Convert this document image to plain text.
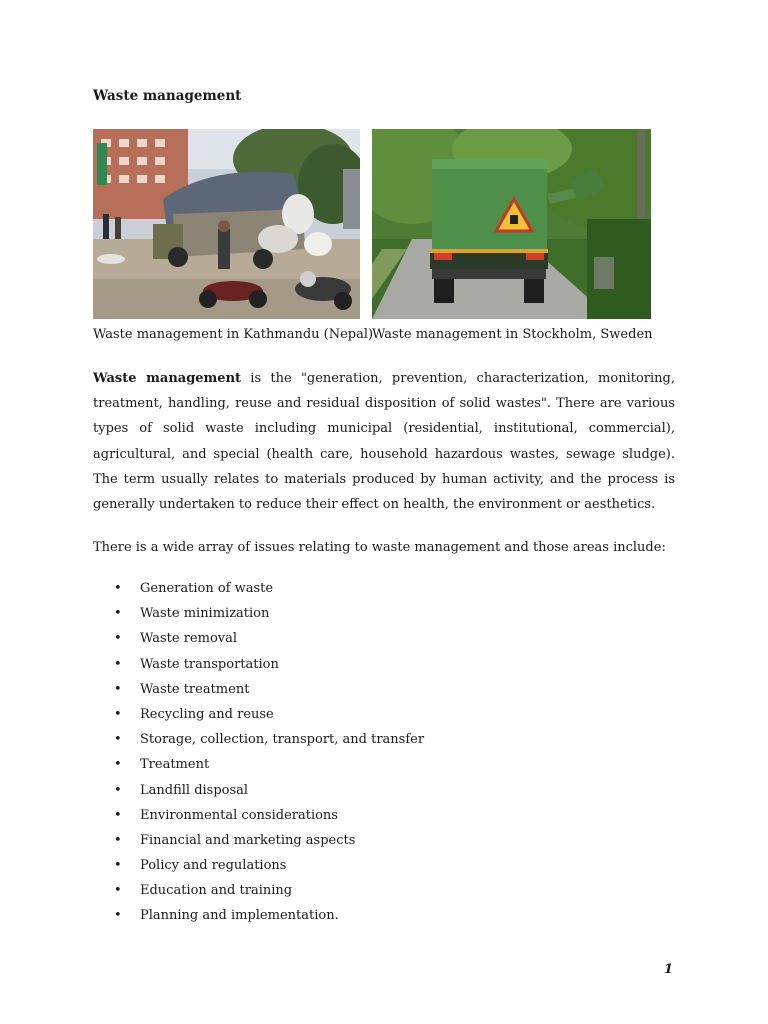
Waste management

Waste management in Kathmandu (Nepal)

Waste management in Stockholm, Sweden

Waste management is the "generation, prevention, characterization, monitoring, treatment, handling, reuse and residual disposition of solid wastes". There are various types of solid waste including municipal (residential, institutional, commercial), agricultural, and special (health care, household hazardous wastes, sewage sludge). The term usually relates to materials produced by human activity, and the process is generally undertaken to reduce their effect on health, the environment or aesthetics.

There is a wide array of issues relating to waste management and those areas include:

• Generation of waste
• Waste minimization
• Waste removal
• Waste transportation
• Waste treatment
• Recycling and reuse
• Storage, collection, transport, and transfer
• Treatment
• Landfill disposal
• Environmental considerations
• Financial and marketing aspects
• Policy and regulations
• Education and training
• Planning and implementation.

1
